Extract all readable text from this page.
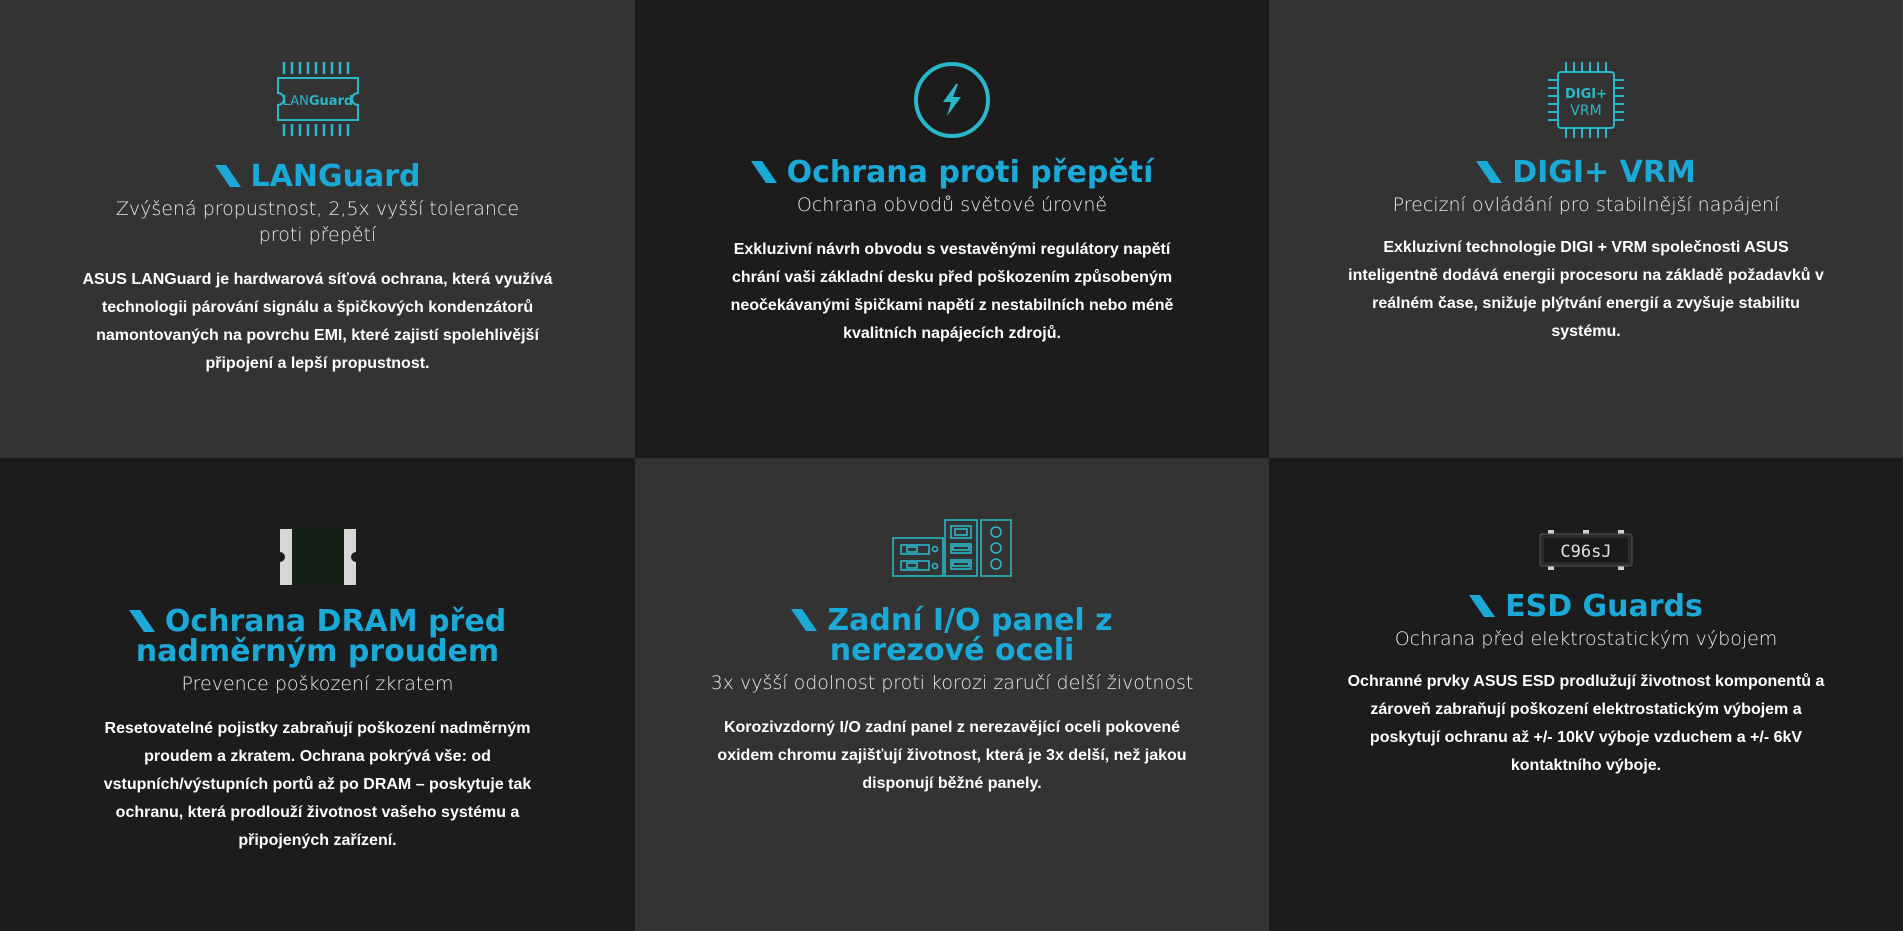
LANGuard
LANGuard

Zvýšená propustnost, 2,5x vyšší tolerance proti přepětí

ASUS LANGuard je hardwarová síťová ochrana, která využívá technologii párování signálu a špičkových kondenzátorů namontovaných na povrchu EMI, které zajistí spolehlivější připojení a lepší propustnost.

Ochrana proti přepětí

Ochrana obvodů světové úrovně

Exkluzivní návrh obvodu s vestavěnými regulátory napětí chrání vaši základní desku před poškozením způsobeným neočekávanými špičkami napětí z nestabilních nebo méně kvalitních napájecích zdrojů.

DIGI+
VRM
DIGI+ VRM

Precizní ovládání pro stabilnější napájení

Exkluzivní technologie DIGI + VRM společnosti ASUS inteligentně dodává energii procesoru na základě požadavků v reálném čase, snižuje plýtvání energií a zvyšuje stabilitu systému.

Ochrana DRAM před nadměrným proudem

Prevence poškození zkratem

Resetovatelné pojistky zabraňují poškození nadměrným proudem a zkratem. Ochrana pokrývá vše: od vstupních/výstupních portů až po DRAM – poskytuje tak ochranu, která prodlouží životnost vašeho systému a připojených zařízení.

Zadní I/O panel z nerezové oceli

3x vyšší odolnost proti korozi zaručí delší životnost

Korozivzdorný I/O zadní panel z nerezavějící oceli pokovené oxidem chromu zajišťují životnost, která je 3x delší, než jakou disponují běžné panely.

C96sJ
ESD Guards

Ochrana před elektrostatickým výbojem

Ochranné prvky ASUS ESD prodlužují životnost komponentů a zároveň zabraňují poškození elektrostatickým výbojem a poskytují ochranu až +/- 10kV výboje vzduchem a +/- 6kV kontaktního výboje.
